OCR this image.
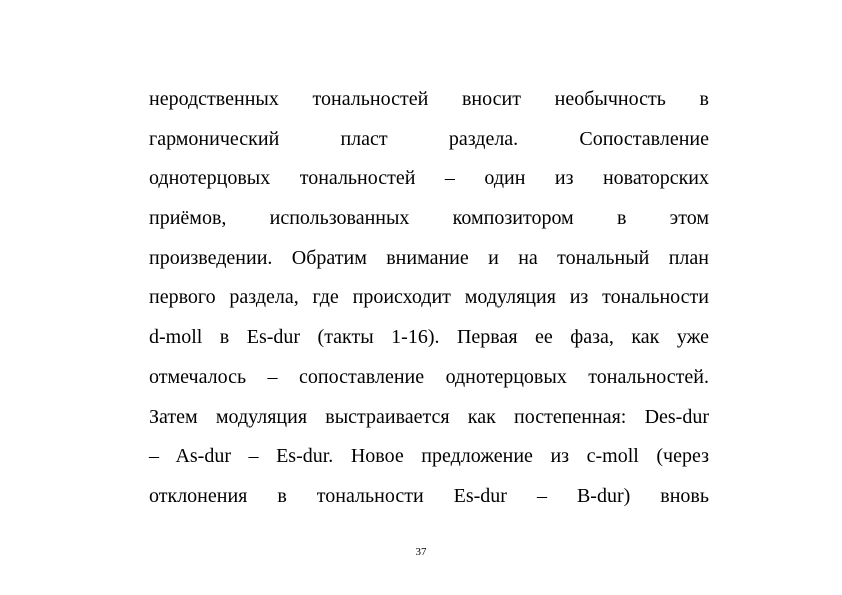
неродственных тональностей вносит необычность в
гармонический пласт раздела. Сопоставление
однотерцовых тональностей – один из новаторских
приёмов, использованных композитором в этом
произведении. Обратим внимание и на тональный план
первого раздела, где происходит модуляция из тональности
d-moll в Es-dur (такты 1-16). Первая ее фаза, как уже
отмечалось – сопоставление однотерцовых тональностей.
Затем модуляция выстраивается как постепенная: Des-dur
– As-dur – Es-dur. Новое предложение из c-moll (через
отклонения в тональности Es-dur – B-dur) вновь
37
